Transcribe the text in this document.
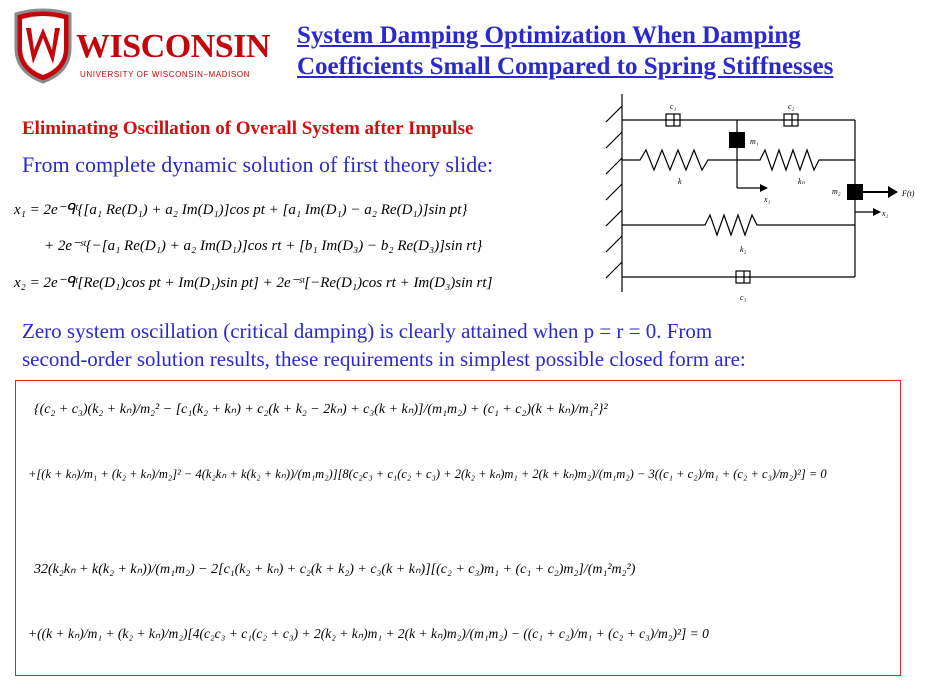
WISCONSIN
UNIVERSITY OF WISCONSIN–MADISON
System Damping Optimization When Damping
Coefficients Small Compared to Spring Stiffnesses
Eliminating Oscillation of Overall System after Impulse
From complete dynamic solution of first theory slide:
x₁ = 2e⁻ᑫᵗ{[a₁ Re(D₁) + a₂ Im(D₁)]cos pt + [a₁ Im(D₁) − a₂ Re(D₁)]sin pt}
+ 2e⁻ˢᵗ{−[a₁ Re(D₁) + a₂ Im(D₁)]cos rt + [b₁ Im(D₃) − b₂ Re(D₃)]sin rt}
x₂ = 2e⁻ᑫᵗ[Re(D₁)cos pt + Im(D₁)sin pt] + 2e⁻ˢᵗ[−Re(D₁)cos rt + Im(D₃)sin rt]
c₁	c₂
m₁
k	kₙ
x₁
m₂	F(t)
x₂
k₂
c₃
Zero system oscillation (critical damping) is clearly attained when p = r = 0. From
second-order solution results, these requirements in simplest possible closed form are:
{(c₂ + c₃)(k₂ + kₙ)/m₂² − [c₁(k₂ + kₙ) + c₂(k + k₂ − 2kₙ) + c₃(k + kₙ)]/(m₁m₂) + (c₁ + c₂)(k + kₙ)/m₁²}²
+[(k + kₙ)/m₁ + (k₂ + kₙ)/m₂]² − 4(k₂kₙ + k(k₂ + kₙ))/(m₁m₂)][8(c₂c₃ + c₁(c₂ + c₃) + 2(k₂ + kₙ)m₁ + 2(k + kₙ)m₂)/(m₁m₂) − 3((c₁ + c₂)/m₁ + (c₂ + c₃)/m₂)²] = 0
32(k₂kₙ + k(k₂ + kₙ))/(m₁m₂) − 2[c₁(k₂ + kₙ) + c₂(k + k₂) + c₃(k + kₙ)][(c₂ + c₃)m₁ + (c₁ + c₂)m₂]/(m₁²m₂²)
+((k + kₙ)/m₁ + (k₂ + kₙ)/m₂)[4(c₂c₃ + c₁(c₂ + c₃) + 2(k₂ + kₙ)m₁ + 2(k + kₙ)m₂)/(m₁m₂) − ((c₁ + c₂)/m₁ + (c₂ + c₃)/m₂)²] = 0
